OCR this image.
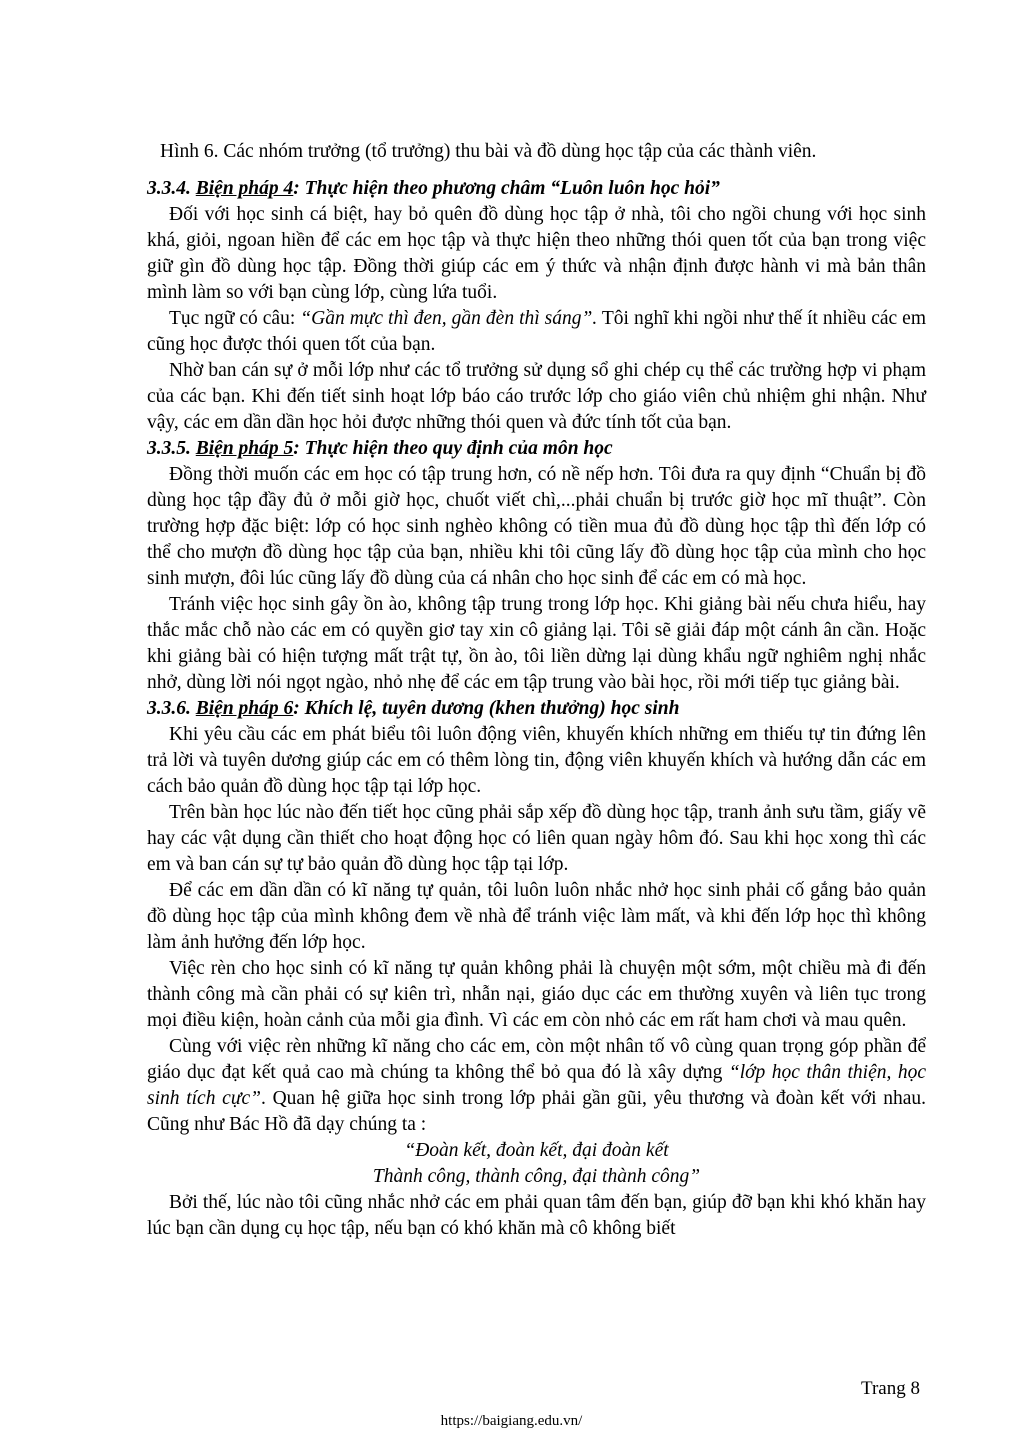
Hình 6. Các nhóm trưởng (tổ trưởng) thu bài và đồ dùng học tập của các thành viên.
3.3.4. Biện pháp 4: Thực hiện theo phương châm “Luôn luôn học hỏi”

Đối với học sinh cá biệt, hay bỏ quên đồ dùng học tập ở nhà, tôi cho ngồi chung với học sinh khá, giỏi, ngoan hiền để các em học tập và thực hiện theo những thói quen tốt của bạn trong việc giữ gìn đồ dùng học tập. Đồng thời giúp các em ý thức và nhận định được hành vi mà bản thân mình làm so với bạn cùng lớp, cùng lứa tuổi.

Tục ngữ có câu: “Gần mực thì đen, gần đèn thì sáng”. Tôi nghĩ khi ngồi như thế ít nhiều các em cũng học được thói quen tốt của bạn.

Nhờ ban cán sự ở mỗi lớp như các tổ trưởng sử dụng sổ ghi chép cụ thể các trường hợp vi phạm của các bạn. Khi đến tiết sinh hoạt lớp báo cáo trước lớp cho giáo viên chủ nhiệm ghi nhận. Như vậy, các em dần dần học hỏi được những thói quen và đức tính tốt của bạn.

3.3.5. Biện pháp 5: Thực hiện theo quy định của môn học

Đồng thời muốn các em học có tập trung hơn, có nề nếp hơn. Tôi đưa ra quy định “Chuẩn bị đồ dùng học tập đầy đủ ở mỗi giờ học, chuốt viết chì,...phải chuẩn bị trước giờ học mĩ thuật”. Còn trường hợp đặc biệt: lớp có học sinh nghèo không có tiền mua đủ đồ dùng học tập thì đến lớp có thể cho mượn đồ dùng học tập của bạn, nhiều khi tôi cũng lấy đồ dùng học tập của mình cho học sinh mượn, đôi lúc cũng lấy đồ dùng của cá nhân cho học sinh để các em có mà học.

Tránh việc học sinh gây ồn ào, không tập trung trong lớp học. Khi giảng bài nếu chưa hiểu, hay thắc mắc chỗ nào các em có quyền giơ tay xin cô giảng lại. Tôi sẽ giải đáp một cánh ân cần. Hoặc khi giảng bài có hiện tượng mất trật tự, ồn ào, tôi liền dừng lại dùng khẩu ngữ nghiêm nghị nhắc nhở, dùng lời nói ngọt ngào, nhỏ nhẹ để các em tập trung vào bài học, rồi mới tiếp tục giảng bài.

3.3.6. Biện pháp 6: Khích lệ, tuyên dương (khen thưởng) học sinh

Khi yêu cầu các em phát biểu tôi luôn động viên, khuyến khích những em thiếu tự tin đứng lên trả lời và tuyên dương giúp các em có thêm lòng tin, động viên khuyến khích và hướng dẫn các em cách bảo quản đồ dùng học tập tại lớp học.

Trên bàn học lúc nào đến tiết học cũng phải sắp xếp đồ dùng học tập, tranh ảnh sưu tầm, giấy vẽ hay các vật dụng cần thiết cho hoạt động học có liên quan ngày hôm đó. Sau khi học xong thì các em và ban cán sự tự bảo quản đồ dùng học tập tại lớp.

Để các em dần dần có kĩ năng tự quản, tôi luôn luôn nhắc nhở học sinh phải cố gắng bảo quản đồ dùng học tập của mình không đem về nhà để tránh việc làm mất, và khi đến lớp học thì không làm ảnh hưởng đến lớp học.

Việc rèn cho học sinh có kĩ năng tự quản không phải là chuyện một sớm, một chiều mà đi đến thành công mà cần phải có sự kiên trì, nhẫn nại, giáo dục các em thường xuyên và liên tục trong mọi điều kiện, hoàn cảnh của mỗi gia đình. Vì các em còn nhỏ các em rất ham chơi và mau quên.

Cùng với việc rèn những kĩ năng cho các em, còn một nhân tố vô cùng quan trọng góp phần để giáo dục đạt kết quả cao mà chúng ta không thể bỏ qua đó là xây dựng “lớp học thân thiện, học sinh tích cực”. Quan hệ giữa học sinh trong lớp phải gần gũi, yêu thương và đoàn kết với nhau. Cũng như Bác Hồ đã dạy chúng ta :

“Đoàn kết, đoàn kết, đại đoàn kết
Thành công, thành công, đại thành công”

Bởi thế, lúc nào tôi cũng nhắc nhở các em phải quan tâm đến bạn, giúp đỡ bạn khi khó khăn hay lúc bạn cần dụng cụ học tập, nếu bạn có khó khăn mà cô không biết

Trang 8
https://baigiang.edu.vn/
